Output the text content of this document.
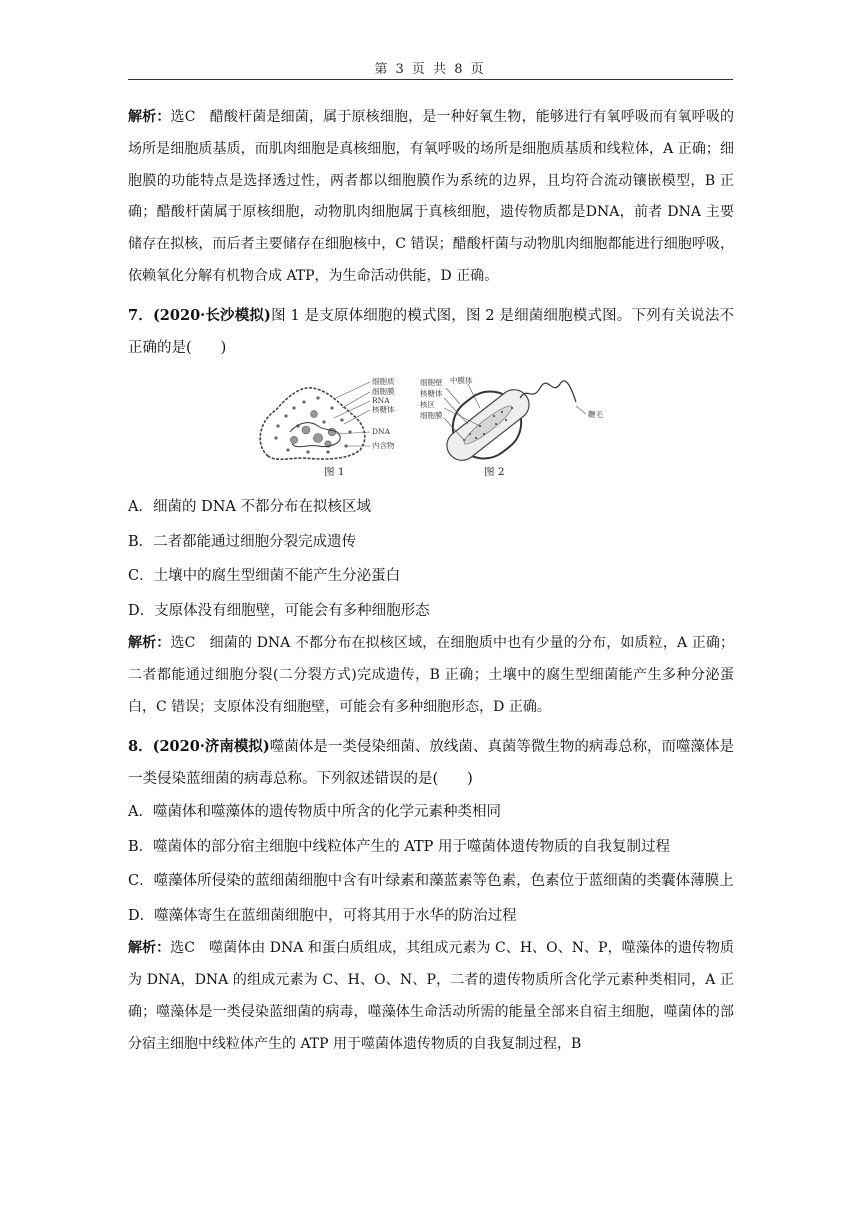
第 3 页 共 8 页

解析：选C　醋酸杆菌是细菌，属于原核细胞，是一种好氧生物，能够进行有氧呼吸而有氧呼吸的场所是细胞质基质，而肌肉细胞是真核细胞，有氧呼吸的场所是细胞质基质和线粒体，A 正确；细胞膜的功能特点是选择透过性，两者都以细胞膜作为系统的边界，且均符合流动镶嵌模型，B 正确；醋酸杆菌属于原核细胞，动物肌肉细胞属于真核细胞，遗传物质都是DNA，前者 DNA 主要储存在拟核，而后者主要储存在细胞核中，C 错误；醋酸杆菌与动物肌肉细胞都能进行细胞呼吸，依赖氧化分解有机物合成 ATP，为生命活动供能，D 正确。

7．(2020·长沙模拟)图 1 是支原体细胞的模式图，图 2 是细菌细胞模式图。下列有关说法不正确的是(　　)

细胞质
细胞膜
RNA
核糖体
DNA
内含物
细胞壁 中膜体
核糖体
核区
细胞膜	鞭毛
图 1	图 2

A．细菌的 DNA 不都分布在拟核区域

B．二者都能通过细胞分裂完成遗传

C．土壤中的腐生型细菌不能产生分泌蛋白

D．支原体没有细胞壁，可能会有多种细胞形态

解析：选C　细菌的 DNA 不都分布在拟核区域，在细胞质中也有少量的分布，如质粒，A 正确；二者都能通过细胞分裂(二分裂方式)完成遗传，B 正确；土壤中的腐生型细菌能产生多种分泌蛋白，C 错误；支原体没有细胞壁，可能会有多种细胞形态，D 正确。

8．(2020·济南模拟)噬菌体是一类侵染细菌、放线菌、真菌等微生物的病毒总称，而噬藻体是一类侵染蓝细菌的病毒总称。下列叙述错误的是(　　)

A．噬菌体和噬藻体的遗传物质中所含的化学元素种类相同

B．噬菌体的部分宿主细胞中线粒体产生的 ATP 用于噬菌体遗传物质的自我复制过程

C．噬藻体所侵染的蓝细菌细胞中含有叶绿素和藻蓝素等色素，色素位于蓝细菌的类囊体薄膜上

D．噬藻体寄生在蓝细菌细胞中，可将其用于水华的防治过程

解析：选C　噬菌体由 DNA 和蛋白质组成，其组成元素为 C、H、O、N、P，噬藻体的遗传物质为 DNA，DNA 的组成元素为 C、H、O、N、P，二者的遗传物质所含化学元素种类相同，A 正确；噬藻体是一类侵染蓝细菌的病毒，噬藻体生命活动所需的能量全部来自宿主细胞，噬菌体的部分宿主细胞中线粒体产生的 ATP 用于噬菌体遗传物质的自我复制过程，B
